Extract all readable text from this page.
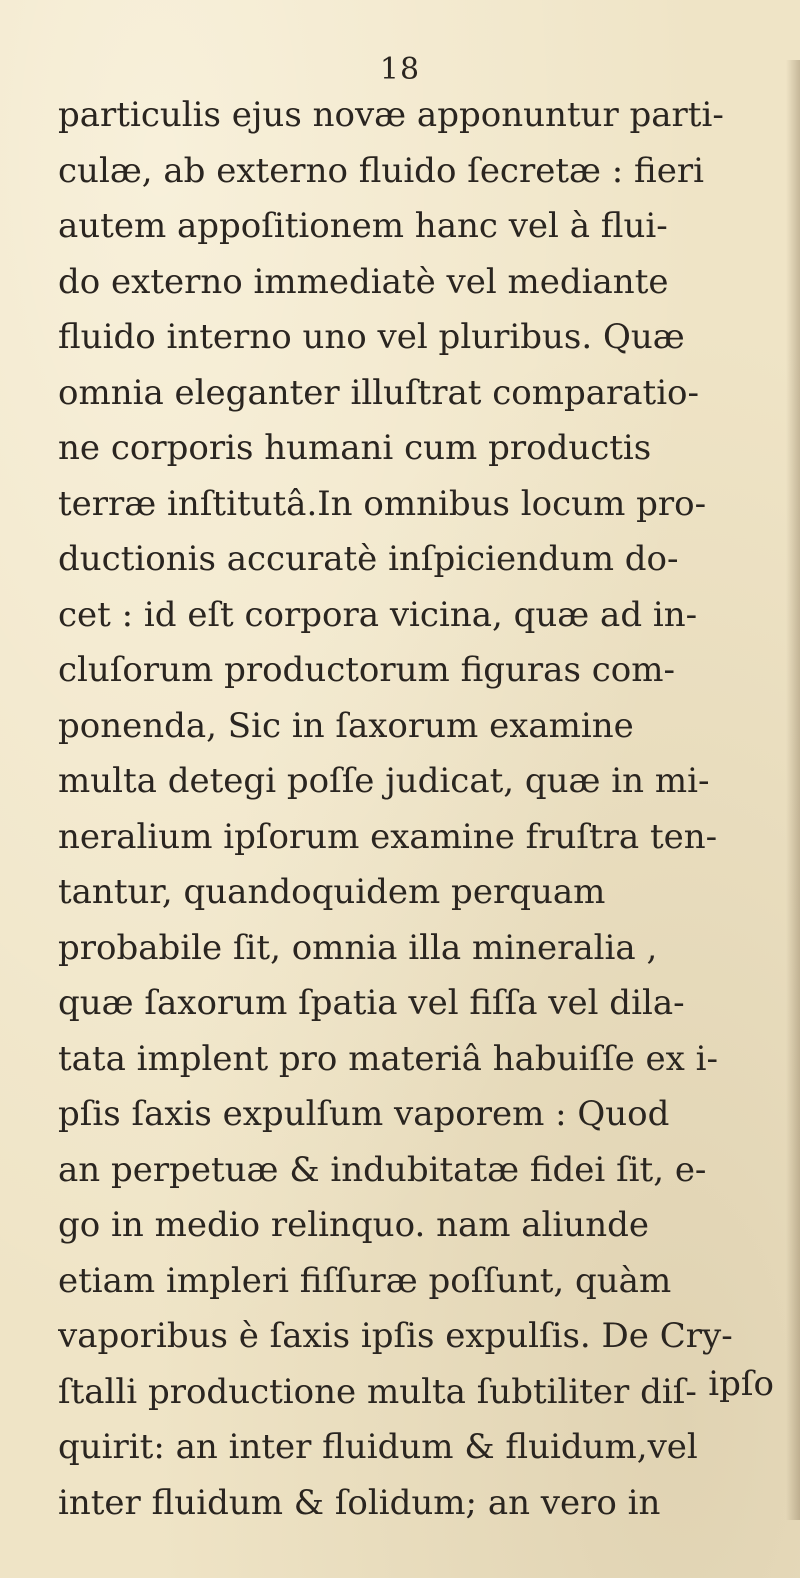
18
particulis ejus novæ apponuntur parti-
culæ, ab externo fluido ſecretæ : fieri
autem appoſitionem hanc vel à flui-
do externo immediatè vel mediante
fluido interno uno vel pluribus. Quæ
omnia eleganter illuſtrat comparatio-
ne corporis humani cum productis
terræ inſtitutâ.In omnibus locum pro-
ductionis accuratè inſpiciendum do-
cet : id eſt corpora vicina, quæ ad in-
cluſorum productorum figuras com-
ponenda, Sic in ſaxorum examine
multa detegi poſſe judicat, quæ in mi-
neralium ipſorum examine fruſtra ten-
tantur, quandoquidem perquam
probabile ſit, omnia illa mineralia ,
quæ ſaxorum ſpatia vel fiſſa vel dila-
tata implent pro materiâ habuiſſe ex i-
pſis ſaxis expulſum vaporem : Quod
an perpetuæ & indubitatæ fidei ſit, e-
go in medio relinquo. nam aliunde
etiam impleri fiſſuræ poſſunt, quàm
vaporibus è ſaxis ipſis expulſis. De Cry-
ſtalli productione multa ſubtiliter diſ-
quirit: an inter fluidum & fluidum,vel
inter fluidum & ſolidum; an vero in
ipſo
